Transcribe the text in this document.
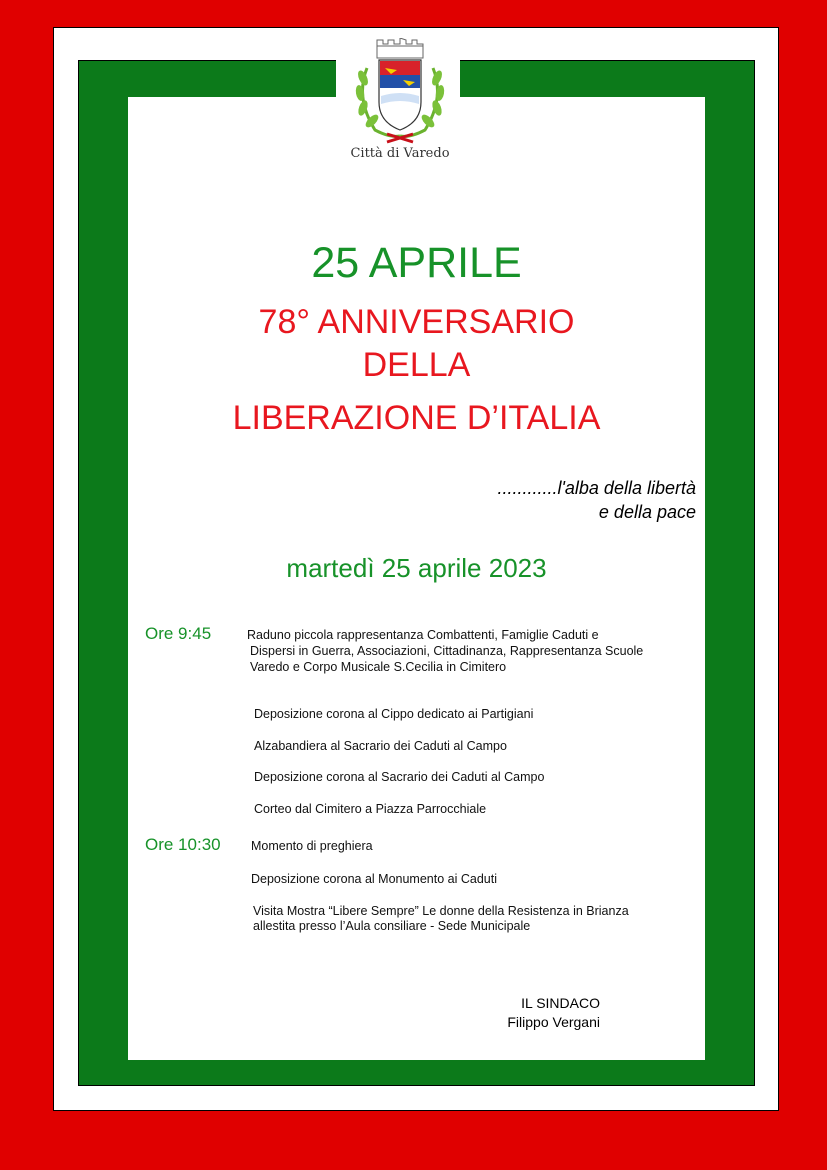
Città di Varedo
25 APRILE
78° ANNIVERSARIO
DELLA
LIBERAZIONE D’ITALIA
............l'alba della libertà
e della pace
martedì 25 aprile 2023
Ore 9:45	Raduno piccola rappresentanza Combattenti, Famiglie Caduti e
Dispersi in Guerra, Associazioni, Cittadinanza, Rappresentanza Scuole
Varedo e Corpo Musicale S.Cecilia in Cimitero
Deposizione corona al Cippo dedicato ai Partigiani
Alzabandiera al Sacrario dei Caduti al Campo
Deposizione corona al Sacrario dei Caduti al Campo
Corteo dal Cimitero a Piazza Parrocchiale
Ore 10:30 Momento di preghiera
Deposizione corona al Monumento ai Caduti
Visita Mostra “Libere Sempre” Le donne della Resistenza in Brianza
allestita presso l’Aula consiliare - Sede Municipale
IL SINDACO
Filippo Vergani
